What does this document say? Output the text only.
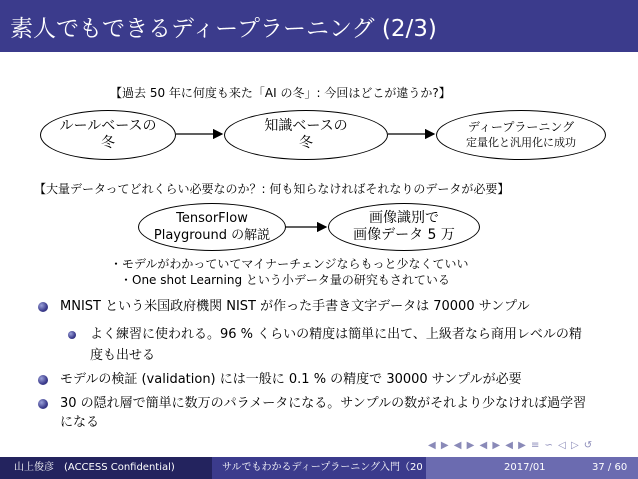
素人でもできるディープラーニング (2/3)
【過去 50 年に何度も来た「AI の冬」: 今回はどこが違うか?】
ルールベースの
冬
知識ベースの
冬
ディープラーニング
定量化と汎用化に成功
【大量データってどれくらい必要なのか？: 何も知らなければそれなりのデータが必要】
TensorFlow
Playground の解説
画像識別で
画像データ 5 万
・モデルがわかっていてマイナーチェンジならもっと少なくていい
・One shot Learning という小データ量の研究もされている
MNIST という米国政府機関 NIST が作った手書き文字データは 70000 サンプル
よく練習に使われる。96 % くらいの精度は簡単に出て、上級者なら商用レベルの精
度も出せる
モデルの検証 (validation) には一般に 0.1 % の精度で 30000 サンプルが必要
30 の隠れ層で簡単に数万のパラメータになる。サンプルの数がそれより少なければ過学習
になる
◀ ▶ ◀ ▶ ◀ ▶ ◀ ▶ ≡ ∽ ◁ ▷ ↺
山上俊彦　(ACCESS Confidential)	サルでもわかるディープラーニング入門（20	2017/01	37 / 60
